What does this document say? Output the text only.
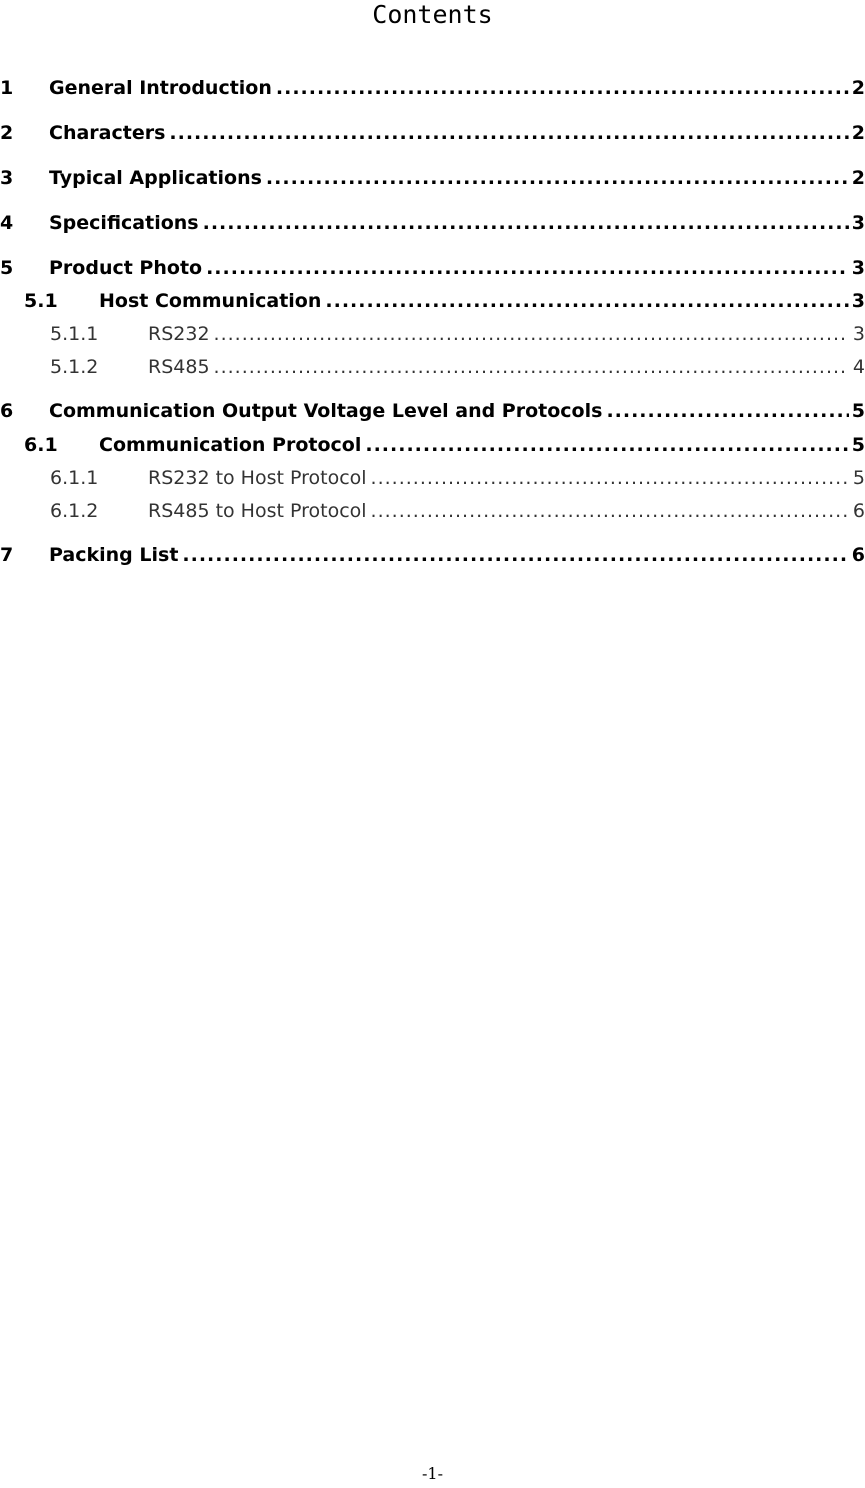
Contents
1	General Introduction .....	2
2	Characters .....	2
3	Typical Applications .....	2
4	Specifications .....	3
5	Product Photo .....	3
5.1	Host Communication .....	3
5.1.1	RS232 .....	3
5.1.2	RS485 .....	4
6	Communication Output Voltage Level and Protocols .....	5
6.1	Communication Protocol .....	5
6.1.1	RS232 to Host Protocol .....	5
6.1.2	RS485 to Host Protocol .....	6
7	Packing List .....	6
-1-
